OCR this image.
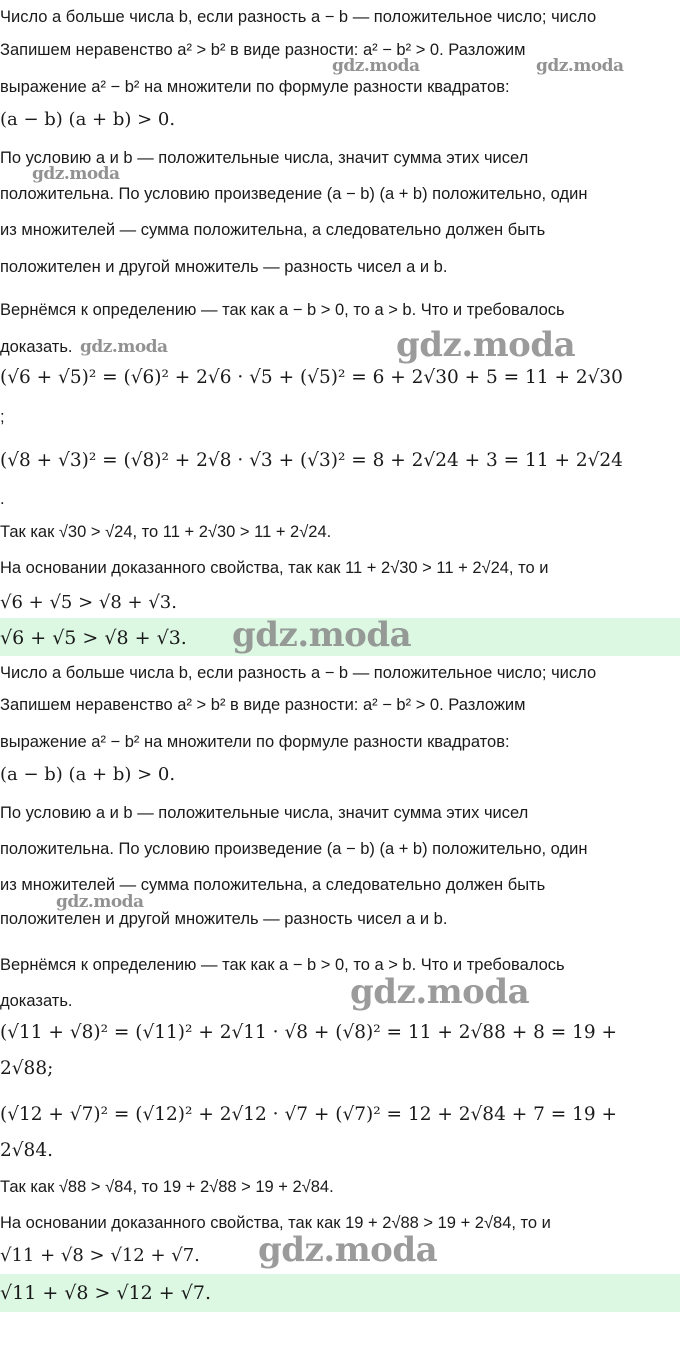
Число a больше числа b, если разность a − b — положительное число; число
Запишем неравенство a² > b² в виде разности: a² − b² > 0. Разложим
gdz.moda	gdz.moda
выражение a² − b² на множители по формуле разности квадратов:
(a − b) (a + b) > 0.
По условию a и b — положительные числа, значит сумма этих чисел
gdz.moda
положительна. По условию произведение (a − b) (a + b) положительно, один
из множителей — сумма положительна, а следовательно должен быть
положителен и другой множитель — разность чисел a и b.
Вернёмся к определению — так как a − b > 0, то a > b. Что и требовалось
доказать. gdz.moda	gdz.moda
(√6 + √5)² = (√6)² + 2√6 · √5 + (√5)² = 6 + 2√30 + 5 = 11 + 2√30
;
(√8 + √3)² = (√8)² + 2√8 · √3 + (√3)² = 8 + 2√24 + 3 = 11 + 2√24
.
Так как √30 > √24, то 11 + 2√30 > 11 + 2√24.
На основании доказанного свойства, так как 11 + 2√30 > 11 + 2√24, то и
√6 + √5 > √8 + √3.
√6 + √5 > √8 + √3.	gdz.moda
Число a больше числа b, если разность a − b — положительное число; число
Запишем неравенство a² > b² в виде разности: a² − b² > 0. Разложим
выражение a² − b² на множители по формуле разности квадратов:
(a − b) (a + b) > 0.
По условию a и b — положительные числа, значит сумма этих чисел
положительна. По условию произведение (a − b) (a + b) положительно, один
из множителей — сумма положительна, а следовательно должен быть
gdz.moda
положителен и другой множитель — разность чисел a и b.
Вернёмся к определению — так как a − b > 0, то a > b. Что и требовалось
доказать.	gdz.moda
(√11 + √8)² = (√11)² + 2√11 · √8 + (√8)² = 11 + 2√88 + 8 = 19 +
2√88;
(√12 + √7)² = (√12)² + 2√12 · √7 + (√7)² = 12 + 2√84 + 7 = 19 +
2√84.
Так как √88 > √84, то 19 + 2√88 > 19 + 2√84.
На основании доказанного свойства, так как 19 + 2√88 > 19 + 2√84, то и
√11 + √8 > √12 + √7.	gdz.moda
√11 + √8 > √12 + √7.
